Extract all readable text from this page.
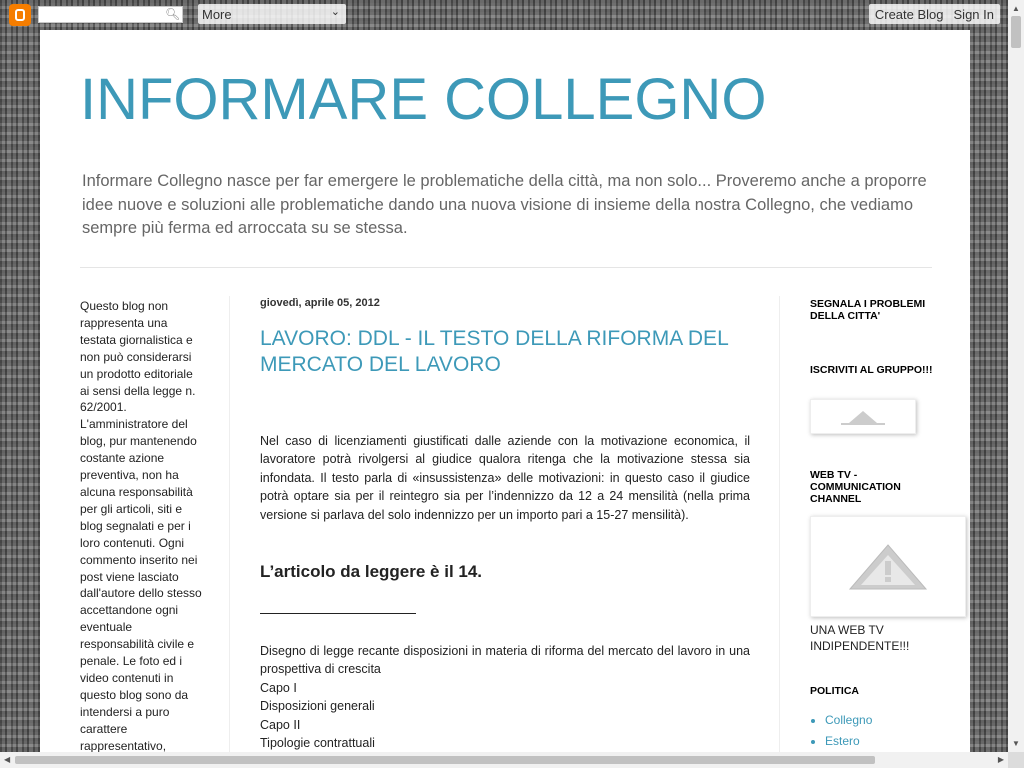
🔍︎ More	⌄	Create Blog Sign In
INFORMARE COLLEGNO
Informare Collegno nasce per far emergere le problematiche della città, ma non solo... Proveremo anche a proporre idee nuove e soluzioni alle problematiche dando una nuova visione di insieme della nostra Collegno, che vediamo sempre più ferma ed arroccata su se stessa.
Questo blog non rappresenta una testata giornalistica e non può considerarsi un prodotto editoriale ai sensi della legge n. 62/2001. L'amministratore del blog, pur mantenendo costante azione preventiva, non ha alcuna responsabilità per gli articoli, siti e blog segnalati e per i loro contenuti. Ogni commento inserito nei post viene lasciato dall'autore dello stesso accettandone ogni eventuale responsabilità civile e penale. Le foto ed i video contenuti in questo blog sono da intendersi a puro carattere rappresentativo,
giovedì, aprile 05, 2012
LAVORO: DDL - IL TESTO DELLA RIFORMA DEL MERCATO DEL LAVORO

Nel caso di licenziamenti giustificati dalle aziende con la motivazione economica, il lavoratore potrà rivolgersi al giudice qualora ritenga che la motivazione stessa sia infondata. Il testo parla di «insussistenza» delle motivazioni: in questo caso il giudice potrà optare sia per il reintegro sia per l’indennizzo da 12 a 24 mensilità (nella prima versione si parlava del solo indennizzo per un importo pari a 15-27 mensilità).

L’articolo da leggere è il 14.

Disegno di legge recante disposizioni in materia di riforma del mercato del lavoro in una prospettiva di crescita

Capo I
Disposizioni generali
Capo II
Tipologie contrattuali
SEGNALA I PROBLEMI DELLA CITTA'
ISCRIVITI AL GRUPPO!!!
WEB TV - COMMUNICATION CHANNEL
UNA WEB TV INDIPENDENTE!!!
POLITICA
• Collegno
• Estero
▲
▼
◀	▶
